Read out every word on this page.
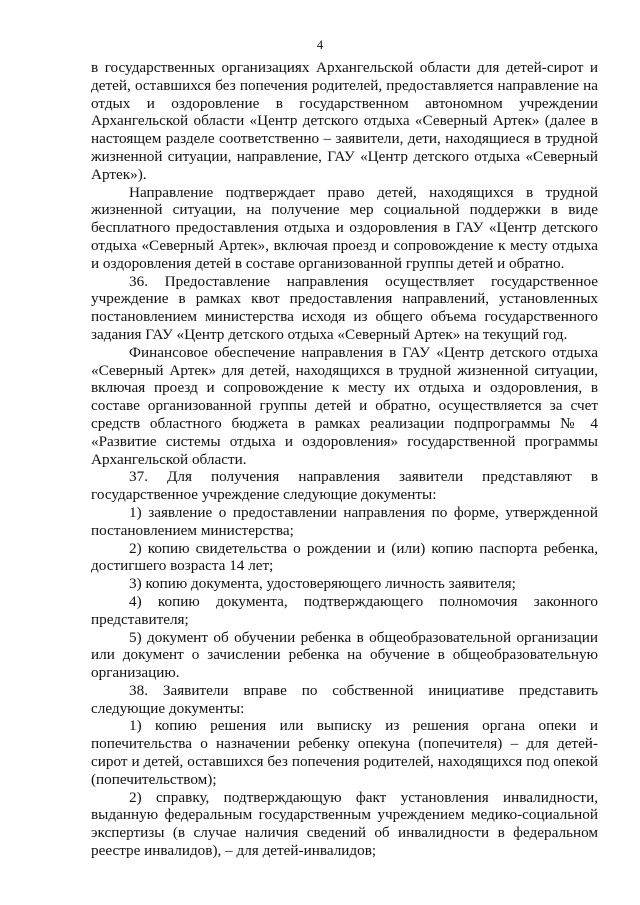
4

в государственных организациях Архангельской области для детей-сирот и детей, оставшихся без попечения родителей, предоставляется направление на отдых и оздоровление в государственном автономном учреждении Архангельской области «Центр детского отдыха «Северный Артек» (далее в настоящем разделе соответственно – заявители, дети, находящиеся в трудной жизненной ситуации, направление, ГАУ «Центр детского отдыха «Северный Артек»).

Направление подтверждает право детей, находящихся в трудной жизненной ситуации, на получение мер социальной поддержки в виде бесплатного предоставления отдыха и оздоровления в ГАУ «Центр детского отдыха «Северный Артек», включая проезд и сопровождение к месту отдыха и оздоровления детей в составе организованной группы детей и обратно.

36. Предоставление направления осуществляет государственное учреждение в рамках квот предоставления направлений, установленных постановлением министерства исходя из общего объема государственного задания ГАУ «Центр детского отдыха «Северный Артек» на текущий год.

Финансовое обеспечение направления в ГАУ «Центр детского отдыха «Северный Артек» для детей, находящихся в трудной жизненной ситуации, включая проезд и сопровождение к месту их отдыха и оздоровления, в составе организованной группы детей и обратно, осуществляется за счет средств областного бюджета в рамках реализации подпрограммы № 4 «Развитие системы отдыха и оздоровления» государственной программы Архангельской области.

37. Для получения направления заявители представляют в государственное учреждение следующие документы:

1) заявление о предоставлении направления по форме, утвержденной постановлением министерства;

2) копию свидетельства о рождении и (или) копию паспорта ребенка, достигшего возраста 14 лет;

3) копию документа, удостоверяющего личность заявителя;

4) копию документа, подтверждающего полномочия законного представителя;

5) документ об обучении ребенка в общеобразовательной организации или документ о зачислении ребенка на обучение в общеобразовательную организацию.

38. Заявители вправе по собственной инициативе представить следующие документы:

1) копию решения или выписку из решения органа опеки и попечительства о назначении ребенку опекуна (попечителя) – для детей-сирот и детей, оставшихся без попечения родителей, находящихся под опекой (попечительством);

2) справку, подтверждающую факт установления инвалидности, выданную федеральным государственным учреждением медико-социальной экспертизы (в случае наличия сведений об инвалидности в федеральном реестре инвалидов), – для детей-инвалидов;
